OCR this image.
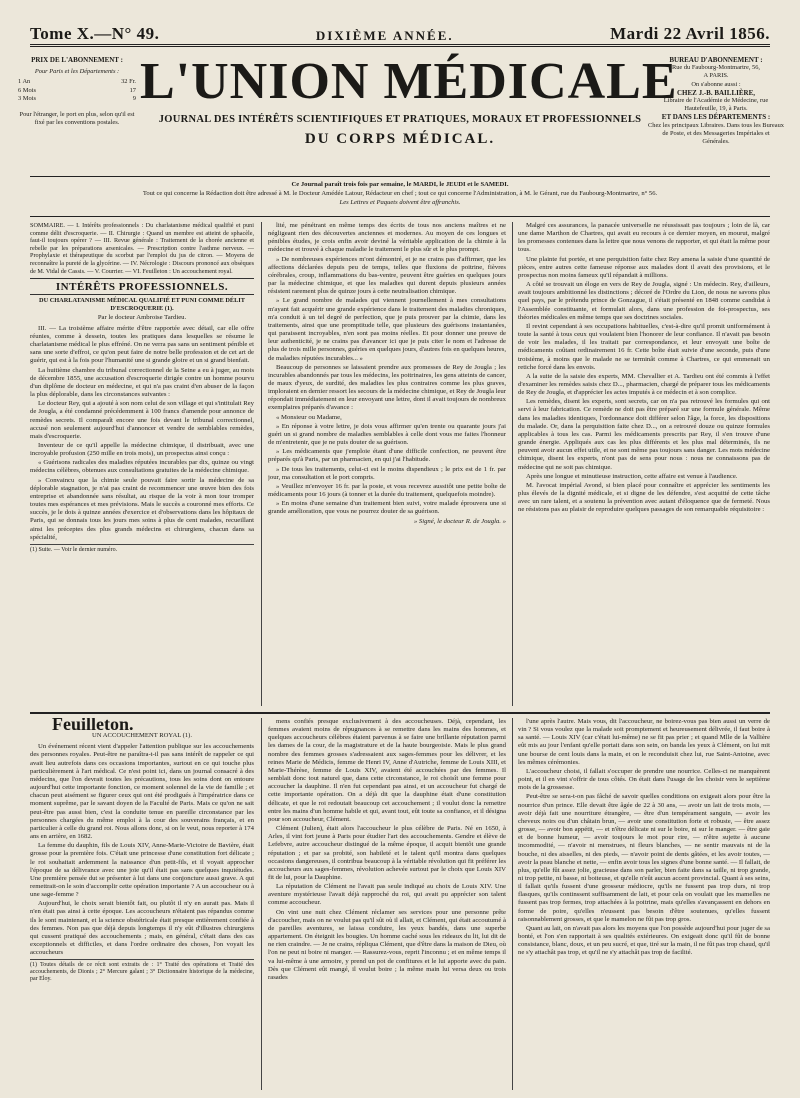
Tome X.—N° 49.	DIXIÈME ANNÉE.	Mardi 22 Avril 1856.
PRIX DE L'ABONNEMENT :
Pour Paris et les Départements :
1 An	32 Fr.
6 Mois	17
3 Mois	9
Pour l'étranger, le port en plus, selon qu'il est fixé par les conventions postales.
L'UNION MÉDICALE
JOURNAL DES INTÉRÊTS SCIENTIFIQUES ET PRATIQUES, MORAUX ET PROFESSIONNELS
DU CORPS MÉDICAL.
BUREAU D'ABONNEMENT :
Rue du Faubourg-Montmartre, 56,
A PARIS.
On s'abonne aussi :
CHEZ J.-B. BAILLIÈRE,
Libraire de l'Académie de Médecine, rue Hautefeuille, 19, à Paris.
ET DANS LES DÉPARTEMENTS :
Chez les principaux Libraires. Dans tous les Bureaux de Poste, et des Messageries Impériales et Générales.
Ce Journal paraît trois fois par semaine, le MARDI, le JEUDI et le SAMEDI.
Tout ce qui concerne la Rédaction doit être adressé à M. le Docteur Amédée Latour, Rédacteur en chef ; tout ce qui concerne l'Administration, à M. le Gérant, rue du Faubourg-Montmartre, n° 56.
Les Lettres et Paquets doivent être affranchis.

SOMMAIRE. — I. Intérêts professionnels : Du charlatanisme médical qualifié et puni comme délit d'escroquerie. — II. Chirurgie : Quand un membre est atteint de sphacèle, faut-il toujours opérer ? — III. Revue générale : Traitement de la chorée ancienne et rebelle par les préparations arsenicales. — Prescription contre l'asthme nerveux. — Prophylaxie et thérapeutique du scorbut par l'emploi du jus de citron. — Moyens de reconnaître la pureté de la glycérine. — IV. Nécrologie : Discours prononcé aux obsèques de M. Vidal de Cassis. — V. Courrier. — VI. Feuilleton : Un accouchement royal.

INTÉRÊTS PROFESSIONNELS.
DU CHARLATANISME MÉDICAL QUALIFIÉ ET PUNI COMME DÉLIT D'ESCROQUERIE (1).
Par le docteur Ambroise Tardieu.

III. — La troisième affaire mérite d'être rapportée avec détail, car elle offre réunies, comme à dessein, toutes les pratiques dans lesquelles se résume le charlatanisme médical le plus effréné. On ne verra pas sans un sentiment pénible et sans une sorte d'effroi, ce qu'on peut faire de notre belle profession et de cet art de guérir, qui est à la fois pour l'humanité une si grande gloire et un si grand bienfait.

La huitième chambre du tribunal correctionnel de la Seine a eu à juger, au mois de décembre 1855, une accusation d'escroquerie dirigée contre un homme pourvu d'un diplôme de docteur en médecine, et qui n'a pas craint d'en abuser de la façon la plus déplorable, dans les circonstances suivantes :

Le docteur Rey, qui a ajouté à son nom celui de son village et qui s'intitulait Rey de Jougla, a été condamné précédemment à 100 francs d'amende pour annonce de remèdes secrets. Il comparaît encore une fois devant le tribunal correctionnel, accusé non seulement aujourd'hui d'annoncer et vendre de semblables remèdes, mais d'escroquerie.

Inventeur de ce qu'il appelle la médecine chimique, il distribuait, avec une incroyable profusion (250 mille en trois mois), un prospectus ainsi conçu :

« Guérisons radicales des maladies réputées incurables par dix, quinze ou vingt médecins célèbres, obtenues aux consultations gratuites de la médecine chimique.

» Convaincu que la chimie seule pouvait faire sortir la médecine de sa déplorable stagnation, je n'ai pas craint de recommencer une œuvre bien des fois entreprise et abandonnée sans résultat, au risque de la voir à mon tour tromper toutes mes espérances et mes prévisions. Mais le succès a couronné mes efforts. Ce succès, je le dois à quinze années d'exercice et d'observations dans les hôpitaux de Paris, qui se donnais tous les jours mes soins à plus de cent malades, recueillant ainsi les préceptes des plus grands médecins et chirurgiens, chacun dans sa spécialité,

(1) Suite. — Voir le dernier numéro.

lité, me pénétrant en même temps des écrits de tous nos anciens maîtres et ne négligeant rien des découvertes anciennes et modernes. Au moyen de ces longues et pénibles études, je crois enfin avoir deviné la véritable application de la chimie à la médecine et trouvé à chaque maladie le traitement le plus sûr et le plus prompt.

» De nombreuses expériences m'ont démontré, et je ne crains pas d'affirmer, que les affections déclarées depuis peu de temps, telles que fluxions de poitrine, fièvres cérébrales, croup, inflammations du bas-ventre, peuvent être guéries en quelques jours par la médecine chimique, et que les maladies qui durent depuis plusieurs années résistent rarement plus de quinze jours à cette neutralisation chimique.

» Le grand nombre de malades qui viennent journellement à mes consultations m'ayant fait acquérir une grande expérience dans le traitement des maladies chroniques, m'a conduit à un tel degré de perfection, que je puis prouver par la chimie, dans les traitements, ainsi que une promptitude telle, que plusieurs des guérisons instantanées, qui paraissent incroyables, n'en sont pas moins réelles. Et pour donner une preuve de leur authenticité, je ne crains pas d'avancer ici que je puis citer le nom et l'adresse de plus de trois mille personnes, guéries en quelques jours, d'autres fois en quelques heures, de maladies réputées incurables... »

Beaucoup de personnes se laissaient prendre aux promesses de Rey de Jougla ; les incurables abandonnés par tous les médecins, les poitrinaires, les gens atteints de cancer, de maux d'yeux, de surdité, des maladies les plus contraires comme les plus graves, imploraient en dernier ressort les secours de la médecine chimique, et Rey de Jougla leur répondait immédiatement en leur envoyant une lettre, dont il avait toujours de nombreux exemplaires préparés d'avance :

« Monsieur ou Madame,

» En réponse à votre lettre, je dois vous affirmer qu'en trente ou quarante jours j'ai guéri un si grand nombre de maladies semblables à celle dont vous me faites l'honneur de m'entretenir, que je ne puis douter de sa guérison.

» Les médicaments que j'emploie étant d'une difficile confection, ne peuvent être préparés qu'à Paris, par un pharmacien, en qui j'ai l'habitude.

» De tous les traitements, celui-ci est le moins dispendieux ; le prix est de 1 fr. par jour, ma consultation et le port compris.

» Veuillez m'envoyer 16 fr. par la poste, et vous recevrez aussitôt une petite boîte de médicaments pour 16 jours (à tonner et la durée du traitement, quelquefois moindre).

» En moins d'une semaine d'un traitement bien suivi, votre malade éprouvera une si grande amélioration, que vous ne pourrez douter de sa guérison.

» Signé, le docteur R. de Jougla. »

Malgré ces assurances, la panacée universelle ne réussissait pas toujours ; loin de là, car une dame Marthon de Chartres, qui avait eu recours à ce dernier moyen, en mourut, malgré les promesses contenues dans la lettre que nous venons de rapporter, et qui était la même pour tous.

Une plainte fut portée, et une perquisition faite chez Rey amena la saisie d'une quantité de pièces, entre autres cette fameuse réponse aux malades dont il avait des provisions, et le prospectus non moins fameux qu'il répandait à millions.

A côté se trouvait un éloge en vers de Rey de Jougla, signé : Un médecin. Rey, d'ailleurs, avait toujours ambitionné les distinctions ; décoré de l'Ordre du Lion, de nous ne savons plus quel pays, par le prétendu prince de Gonzague, il s'était présenté en 1848 comme candidat à l'Assemblée constituante, et formulait alors, dans une profession de foi-prospectus, ses théories médicales en même temps que ses doctrines sociales.

Il revint cependant à ses occupations habituelles, c'est-à-dire qu'il promit uniformément à toute la santé à tous ceux qui voulaient bien l'honorer de leur confiance. Il n'avait pas besoin de voir les malades, il les traitait par correspondance, et leur envoyait une boîte de médicaments coûtant ordinairement 16 fr. Cette boîte était suivie d'une seconde, puis d'une troisième, à moins que le malade ne se terminât comme à Chartres, ce qui emmenait un retiche forcé dans les envois.

A la suite de la saisie des experts, MM. Chevallier et A. Tardieu ont été commis à l'effet d'examiner les remèdes saisis chez D..., pharmacien, chargé de préparer tous les médicaments de Rey de Jougla, et d'apprécier les actes imputés à ce médecin et à son complice.

Les remèdes, disent les experts, sont secrets, car on n'a pas retrouvé les formules qui ont servi à leur fabrication. Ce remède ne doit pas être préparé sur une formule générale. Même dans les maladies identiques, l'ordonnance doit différer selon l'âge, la force, les dispositions du malade. Or, dans la perquisition faite chez D..., on a retrouvé douze ou quinze formules applicables à tous les cas. Parmi les médicaments prescrits par Rey, il s'en trouve d'une grande énergie. Appliqués aux cas les plus différents et les plus mal déterminés, ils ne peuvent avoir aucun effet utile, et ne sont même pas toujours sans danger. Les mots médecine chimique, disent les experts, n'ont pas de sens pour nous : nous ne connaissons pas de médecine qui ne soit pas chimique.

Après une longue et minutieuse instruction, cette affaire est venue à l'audience.

M. l'avocat impérial Avond, si bien placé pour connaître et apprécier les sentiments les plus élevés de la dignité médicale, et si digne de les défendre, s'est acquitté de cette tâche avec un rare talent, et a soutenu la prévention avec autant d'éloquence que de fermeté. Nous ne résistons pas au plaisir de reproduire quelques passages de son remarquable réquisitoire :

Feuilleton.
UN ACCOUCHEMENT ROYAL (1).

Un événement récent vient d'appeler l'attention publique sur les accouchements des personnes royales. Peut-être ne paraîtra-t-il pas sans intérêt de rappeler ce qui avait lieu autrefois dans ces occasions importantes, surtout en ce qui touche plus particulièrement à l'art médical. Ce n'est point ici, dans un journal consacré à des médecins, que l'on devrait toutes les précautions, tous les soins dont on entoure aujourd'hui cette importante fonction, ce moment solennel de la vie de famille ; et chacun peut aisément se figurer ceux qui ont été prodigués à l'impératrice dans ce moment suprême, par le savant doyen de la Faculté de Paris. Mais ce qu'on ne sait peut-être pas aussi bien, c'est la conduite tenue en pareille circonstance par les personnes chargées du même emploi à la cour des souverains français, et en particulier à celle du grand roi. Nous allons donc, si on le veut, nous reporter à 174 ans en arrière, en 1682.

La femme du dauphin, fils de Louis XIV, Anne-Marie-Victoire de Bavière, était grosse pour la première fois. C'était une princesse d'une constitution fort délicate ; le roi souhaitait ardemment la naissance d'un petit-fils, et il voyait approcher l'époque de sa délivrance avec une joie qu'il était pas sans quelques inquiétudes. Une première pensée dut se présenter à lui dans une conjoncture aussi grave. A qui remettrait-on le soin d'accomplir cette opération importante ? A un accoucheur ou à une sage-femme ?

Aujourd'hui, le choix serait bientôt fait, ou plutôt il n'y en aurait pas. Mais il n'en était pas ainsi à cette époque. Les accoucheurs n'étaient pas répandus comme ils le sont maintenant, et la science obstétricale était presque entièrement confiée à des femmes. Non pas que déjà depuis longtemps il n'y eût d'illustres chirurgiens qui cussent pratiqué des accouchements ; mais, en général, c'était dans des cas exceptionnels et difficiles, et dans l'ordre ordinaire des choses, l'on voyait les accoucheurs

(1) Toutes détails de ce récit sont extraits de : 1° Traité des opérations et Traité des accouchements, de Dionis ; 2° Mercure galant ; 3° Dictionnaire historique de la médecine, par Eloy.

mens confiés presque exclusivement à des accoucheuses. Déjà, cependant, les femmes avaient moins de répugnances à se remettre dans les mains des hommes, et quelques accoucheurs célèbres étaient parvenus à se faire une brillante réputation parmi les dames de la cour, de la magistrature et de la haute bourgeoisie. Mais le plus grand nombre des femmes grosses s'adressaient aux sages-femmes pour les délivrer, et les reines Marie de Médicis, femme de Henri IV, Anne d'Autriche, femme de Louis XIII, et Marie-Thérèse, femme de Louis XIV, avaient été accouchées par des femmes. Il semblait donc tout naturel que, dans cette circonstance, le roi choisît une femme pour accoucher la dauphine. Il n'en fut cependant pas ainsi, et un accoucheur fut chargé de cette importante opération. On a déjà dit que la dauphine était d'une constitution délicate, et que le roi redoutait beaucoup cet accouchement ; il voulut donc la remettre entre les mains d'un homme habile et qui, avant tout, eût toute sa confiance, et il désigna pour son accoucheur, Clément.

Clément (Julien), était alors l'accoucheur le plus célèbre de Paris. Né en 1650, à Arles, il vint fort jeune à Paris pour étudier l'art des accouchements. Gendre et élève de Lefebvre, autre accoucheur distingué de la même époque, il acquit bientôt une grande réputation ; et par sa probité, son habileté et le talent qu'il montra dans quelques occasions dangereuses, il contribua beaucoup à la véritable révolution qui fit préférer les accoucheurs aux sages-femmes, révolution achevée surtout par le choix que Louis XIV fit de lui, pour la Dauphine.

La réputation de Clément ne l'avait pas seule indiqué au choix de Louis XIV. Une aventure mystérieuse l'avait déjà rapproché du roi, qui avait pu apprécier son talent comme accoucheur.

On vint une nuit chez Clément réclamer ses services pour une personne prête d'accoucher, mais on ne voulut pas qu'il sût où il allait, et Clément, qui était accoutumé à de pareilles aventures, se laissa conduire, les yeux bandés, dans une superbe appartement. On éteignit les bougies. Un homme caché sous les rideaux du lit, lui dit de ne rien craindre. — Je ne crains, répliqua Clément, que d'être dans la maison de Dieu, où l'on ne peut ni boire ni manger. — Rassurez-vous, reprit l'inconnu ; et en même temps il va lui-même à une armoire, y prend un pot de confitures et le lui apporte avec du pain. Dès que Clément eût mangé, il voulut boire ; la même main lui versa deux ou trois rasades

l'une après l'autre. Mais vous, dit l'accoucheur, ne boirez-vous pas bien aussi un verre de vin ? Si vous voulez que la malade soit promptement et heureusement délivrée, il faut boire à sa santé. — Louis XIV (car c'était lui-même) ne se fit pas prier ; et quand Mlle de la Vallière eût mis au jour l'enfant qu'elle portait dans son sein, on banda les yeux à Clément, on lui mit une bourse de cent louis dans la main, et on le reconduisit chez lui, rue Saint-Antoine, avec les mêmes cérémonies.

L'accoucheur choisi, il fallait s'occuper de prendre une nourrice. Celles-ci ne manquèrent point, et il en vint s'offrir de tous côtés. On était dans l'usage de les choisir vers le septième mois de la grossesse.

Peut-être se sera-t-on pas fâché de savoir quelles conditions on exigeait alors pour être la nourrice d'un prince. Elle devait être âgée de 22 à 30 ans, — avoir un lait de trois mois, — avoir déjà fait une nourriture étrangère, — être d'un tempérament sanguin, — avoir les cheveux noirs ou d'un châtain brun, — avoir une constitution forte et robuste, — être assez grosse, — avoir bon appétit, — et n'être délicate ni sur le boire, ni sur le manger. — être gaie et de bonne humeur, — avoir toujours le mot pour rire, — n'être sujette à aucune incommodité, — n'avoir ni menstrues, ni fleurs blanches, — ne sentir mauvais ni de la bouche, ni des aisselles, ni des pieds, — n'avoir point de dents gâtées, et les avoir toutes, — avoir la peau blanche et nette, — enfin avoir tous les signes d'une bonne santé. — Il fallait, de plus, qu'elle fût assez jolie, gracieuse dans son parler, bien faite dans sa taille, ni trop grande, ni trop petite, ni basse, ni boiteuse, et qu'elle n'eût aucun accent provincial. Quant à ses seins, il fallait qu'ils fussent d'une grosseur médiocre, qu'ils ne fussent pas trop durs, ni trop flasques, qu'ils continssent suffisamment de lait, et pour cela on voulait que les mamelles ne fussent pas trop fermes, trop attachées à la poitrine, mais qu'elles s'avançassent en dehors en forme de poire, qu'elles n'eussent pas besoin d'être soutenues, qu'elles fussent raisonnablement grosses, et que le mamelon ne fût pas trop gros.

Quant au lait, on n'avait pas alors les moyens que l'on possède aujourd'hui pour juger de sa bonté, et l'on s'en rapportait à ses qualités extérieures. On exigeait donc qu'il fût de bonne consistance, blanc, doux, et un peu sucré, et que, tiré sur la main, il ne fût pas trop chaud, qu'il ne s'y attachât pas trop, et qu'il ne s'y attachât pas trop de facilité.
